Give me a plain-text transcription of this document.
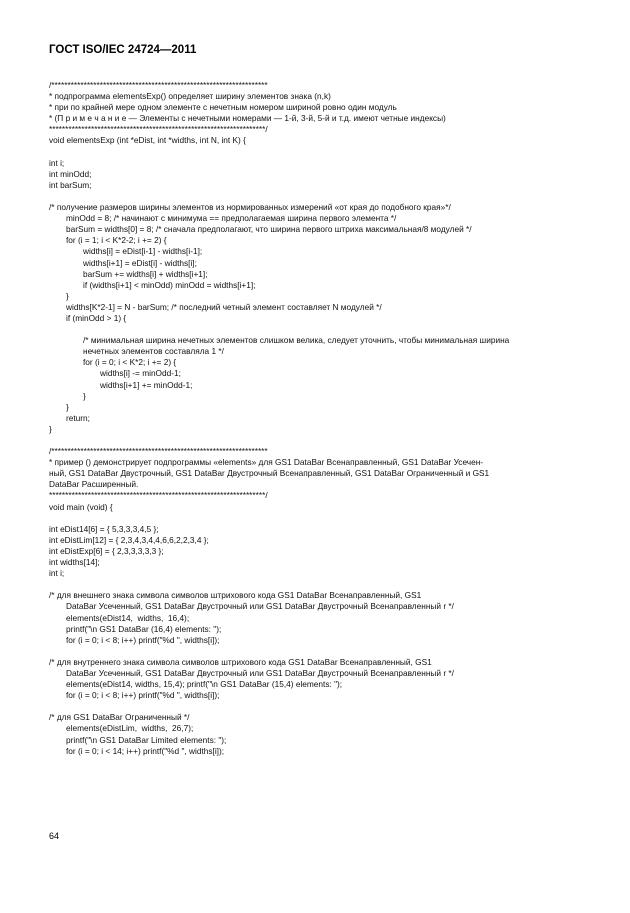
ГОСТ ISO/IEC 24724—2011
/*******************************************************************
* подпрограмма elementsExp() определяет ширину элементов знака (n,k)
* при по крайней мере одном элементе с нечетным номером шириной ровно один модуль
* (П р и м е ч а н и е — Элементы с нечетными номерами — 1-й, 3-й, 5-й и т.д. имеют четные индексы)
*******************************************************************/
void elementsExp (int *eDist, int *widths, int N, int K) {
int i;
int minOdd;
int barSum;
/* получение размеров ширины элементов из нормированных измерений «от края до подобного края»*/
minOdd = 8; /* начинают с минимума == предполагаемая ширина первого элемента */
barSum = widths[0] = 8; /* сначала предполагают, что ширина первого штриха максимальная/8 модулей */
for (i = 1; i < K*2-2; i += 2) {
widths[i] = eDist[i-1] - widths[i-1];
widths[i+1] = eDist[i] - widths[i];
barSum += widths[i] + widths[i+1];
if (widths[i+1] < minOdd) minOdd = widths[i+1];
}
widths[K*2-1] = N - barSum; /* последний четный элемент составляет N модулей */
if (minOdd > 1) {
/* минимальная ширина нечетных элементов слишком велика, следует уточнить, чтобы минимальная ширина
нечетных элементов составляла 1 */
for (i = 0; i < K*2; i += 2) {
widths[i] -= minOdd-1;
widths[i+1] += minOdd-1;
}
}
return;
}
/*******************************************************************
* пример () демонстрирует подпрограммы «elements» для GS1 DataBar Всенаправленный, GS1 DataBar Усечен-
ный, GS1 DataBar Двустрочный, GS1 DataBar Двустрочный Всенаправленный, GS1 DataBar Ограниченный и GS1
DataBar Расширенный.
*******************************************************************/
void main (void) {
int eDist14[6] = { 5,3,3,3,4,5 };
int eDistLim[12] = { 2,3,4,3,4,4,6,6,2,2,3,4 };
int eDistExp[6] = { 2,3,3,3,3,3 };
int widths[14];
int i;
/* для внешнего знака символа символов штрихового кода GS1 DataBar Всенаправленный, GS1
DataBar Усеченный, GS1 DataBar Двустрочный или GS1 DataBar Двустрочный Всенаправленный r */
elements(eDist14,  widths,  16,4);
printf("\n GS1 DataBar (16,4) elements: ");
for (i = 0; i < 8; i++) printf("%d ", widths[i]);
/* для внутреннего знака символа символов штрихового кода GS1 DataBar Всенаправленный, GS1
DataBar Усеченный, GS1 DataBar Двустрочный или GS1 DataBar Двустрочный Всенаправленный r */
elements(eDist14, widths, 15,4); printf("\n GS1 DataBar (15,4) elements: ");
for (i = 0; i < 8; i++) printf("%d ", widths[i]);
/* для GS1 DataBar Ограниченный */
elements(eDistLim,  widths,  26,7);
printf("\n GS1 DataBar Limited elements: ");
for (i = 0; i < 14; i++) printf("%d ", widths[i]);
64
